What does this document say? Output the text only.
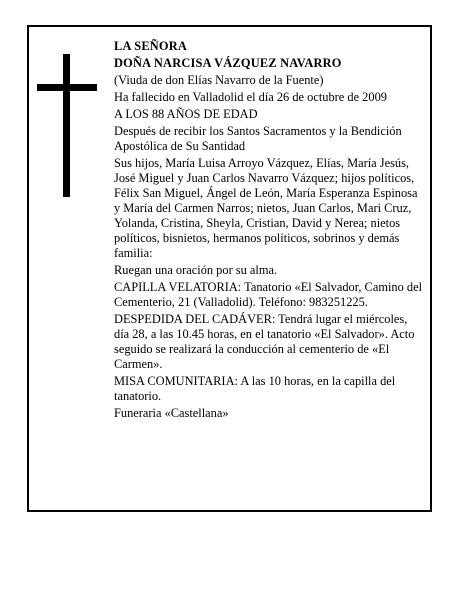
LA SEÑORA

DOÑA NARCISA VÁZQUEZ NAVARRO

(Viuda de don Elías Navarro de la Fuente)

Ha fallecido en Valladolid el día 26 de octubre de 2009

A LOS 88 AÑOS DE EDAD

Después de recibir los Santos Sacramentos y la Bendición Apostólica de Su Santidad

Sus hijos, María Luisa Arroyo Vázquez, Elías, María Jesús, José Miguel y Juan Carlos Navarro Vázquez; hijos políticos, Félix San Miguel, Ángel de León, María Esperanza Espinosa y María del Carmen Narros; nietos, Juan Carlos, Mari Cruz, Yolanda, Cristina, Sheyla, Cristian, David y Nerea; nietos políticos, bisnietos, hermanos políticos, sobrinos y demás familia:

Ruegan una oración por su alma.

CAPILLA VELATORIA: Tanatorio «El Salvador, Camino del Cementerio, 21 (Valladolid). Teléfono: 983251225.

DESPEDIDA DEL CADÁVER: Tendrá lugar el miércoles, día 28, a las 10.45 horas, en el tanatorio «El Salvador». Acto seguido se realizará la conducción al cementerio de «El Carmen».

MISA COMUNITARIA: A las 10 horas, en la capilla del tanatorio.

Funeraria «Castellana»
